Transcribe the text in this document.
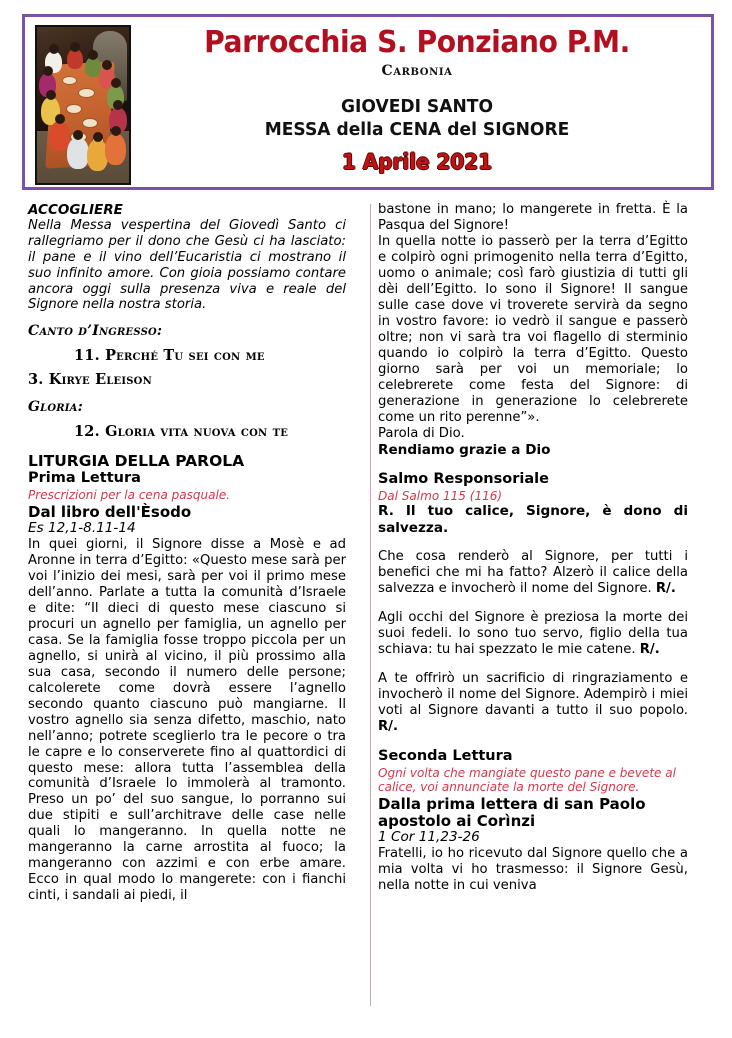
Parrocchia S. Ponziano P.M.
Carbonia
GIOVEDI SANTO
MESSA della CENA del SIGNORE
1 Aprile 2021
ACCOGLIERE
Nella Messa vespertina del Giovedì Santo ci rallegriamo per il dono che Gesù ci ha lasciato: il pane e il vino dell’Eucaristia ci mostrano il suo infinito amore. Con gioia possiamo contare ancora oggi sulla presenza viva e reale del Signore nella nostra storia.
Canto d’Ingresso:
11. Perché Tu sei con me
3. Kirye Eleison
Gloria:
12. Gloria vita nuova con te
LITURGIA DELLA PAROLA
Prima Lettura
Prescrizioni per la cena pasquale.
Dal libro dell'Èsodo
Es 12,1-8.11-14

In quei giorni, il Signore disse a Mosè e ad Aronne in terra d’Egitto: «Questo mese sarà per voi l’inizio dei mesi, sarà per voi il primo mese dell’anno. Parlate a tutta la comunità d’Israele e dite: “Il dieci di questo mese ciascuno si procuri un agnello per famiglia, un agnello per casa. Se la famiglia fosse troppo piccola per un agnello, si unirà al vicino, il più prossimo alla sua casa, secondo il numero delle persone; calcolerete come dovrà essere l’agnello secondo quanto ciascuno può mangiarne. Il vostro agnello sia senza difetto, maschio, nato nell’anno; potrete sceglierlo tra le pecore o tra le capre e lo conserverete fino al quattordici di questo mese: allora tutta l’assemblea della comunità d’Israele lo immolerà al tramonto. Preso un po’ del suo sangue, lo porranno sui due stipiti e sull’architrave delle case nelle quali lo mangeranno. In quella notte ne mangeranno la carne arrostita al fuoco; la mangeranno con azzimi e con erbe amare. Ecco in qual modo lo mangerete: con i fianchi cinti, i sandali ai piedi, il

bastone in mano; lo mangerete in fretta. È la Pasqua del Signore!

In quella notte io passerò per la terra d’Egitto e colpirò ogni primogenito nella terra d’Egitto, uomo o animale; così farò giustizia di tutti gli dèi dell’Egitto. Io sono il Signore! Il sangue sulle case dove vi troverete servirà da segno in vostro favore: io vedrò il sangue e passerò oltre; non vi sarà tra voi flagello di sterminio quando io colpirò la terra d’Egitto. Questo giorno sarà per voi un memoriale; lo celebrerete come festa del Signore: di generazione in generazione lo celebrerete come un rito perenne”».

Parola di Dio.
Rendiamo grazie a Dio
Salmo Responsoriale
Dal Salmo 115 (116)
R. Il tuo calice, Signore, è dono di salvezza.

Che cosa renderò al Signore, per tutti i benefici che mi ha fatto? Alzerò il calice della salvezza e invocherò il nome del Signore. R/.

Agli occhi del Signore è preziosa la morte dei suoi fedeli. Io sono tuo servo, figlio della tua schiava: tu hai spezzato le mie catene. R/.

A te offrirò un sacrificio di ringraziamento e invocherò il nome del Signore. Adempirò i miei voti al Signore davanti a tutto il suo popolo. R/.

Seconda Lettura
Ogni volta che mangiate questo pane e bevete al calice, voi annunciate la morte del Signore.
Dalla prima lettera di san Paolo apostolo ai Corìnzi
1 Cor 11,23-26

Fratelli, io ho ricevuto dal Signore quello che a mia volta vi ho trasmesso: il Signore Gesù, nella notte in cui veniva
